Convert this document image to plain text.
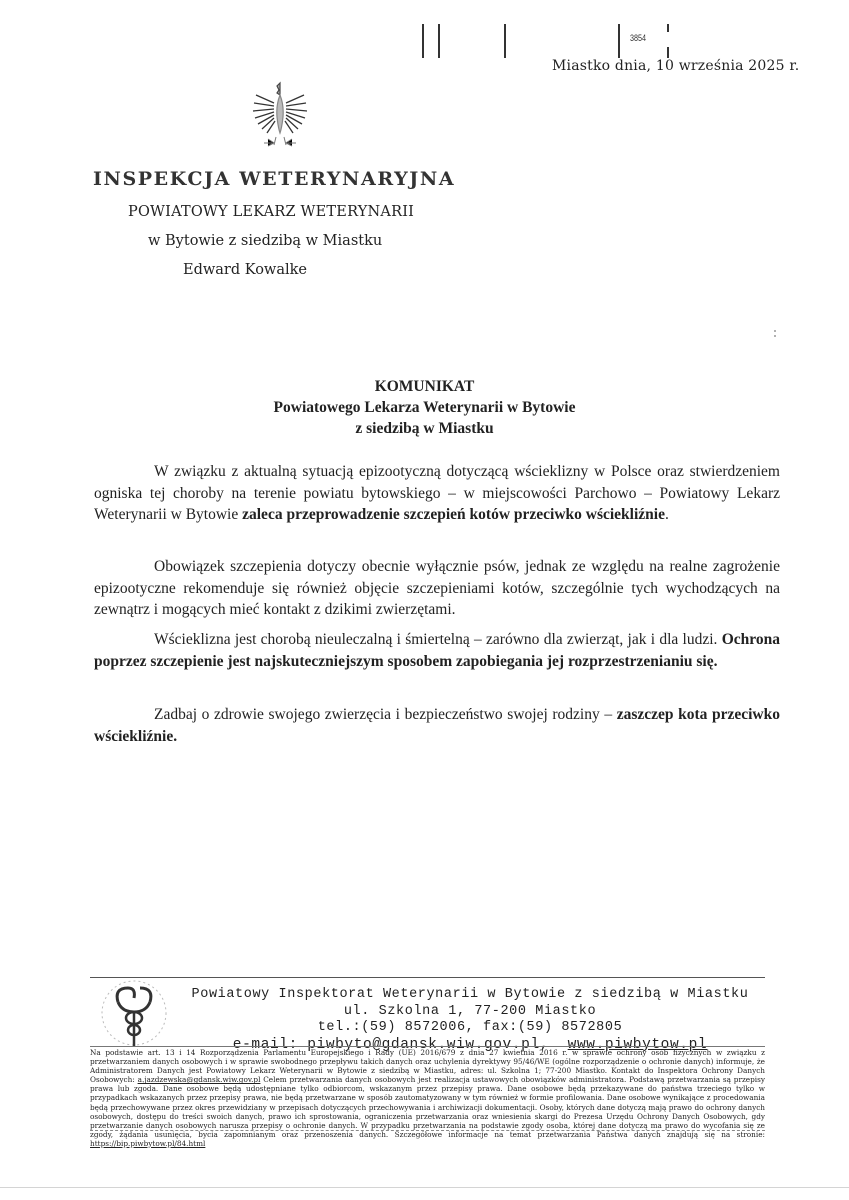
3854
Miastko dnia, 10 września 2025 r.
INSPEKCJA WETERYNARYJNA
POWIATOWY LEKARZ WETERYNARII
w Bytowie z siedzibą w Miastku
Edward Kowalke
KOMUNIKAT
Powiatowego Lekarza Weterynarii w Bytowie
z siedzibą w Miastku

W związku z aktualną sytuacją epizootyczną dotyczącą wścieklizny w Polsce oraz stwierdzeniem ogniska tej choroby na terenie powiatu bytowskiego – w miejscowości Parchowo – Powiatowy Lekarz Weterynarii w Bytowie zaleca przeprowadzenie szczepień kotów przeciwko wściekliźnie.

Obowiązek szczepienia dotyczy obecnie wyłącznie psów, jednak ze względu na realne zagrożenie epizootyczne rekomenduje się również objęcie szczepieniami kotów, szczególnie tych wychodzących na zewnątrz i mogących mieć kontakt z dzikimi zwierzętami.

Wścieklizna jest chorobą nieuleczalną i śmiertelną – zarówno dla zwierząt, jak i dla ludzi. Ochrona poprzez szczepienie jest najskuteczniejszym sposobem zapobiegania jej rozprzestrzenianiu się.

Zadbaj o zdrowie swojego zwierzęcia i bezpieczeństwo swojej rodziny – zaszczep kota przeciwko wściekliźnie.

Powiatowy Inspektorat Weterynarii w Bytowie z siedzibą w Miastku
ul. Szkolna 1, 77-200 Miastko
tel.:(59) 8572006, fax:(59) 8572805
e-mail: piwbyto@gdansk.wiw.gov.pl, www.piwbytow.pl
Na podstawie art. 13 i 14 Rozporządzenia Parlamentu Europejskiego i Rady (UE) 2016/679 z dnia 27 kwietnia 2016 r. w sprawie ochrony osób fizycznych w związku z przetwarzaniem danych osobowych i w sprawie swobodnego przepływu takich danych oraz uchylenia dyrektywy 95/46/WE (ogólne rozporządzenie o ochronie danych) informuje, że Administratorem Danych jest Powiatowy Lekarz Weterynarii w Bytowie z siedzibą w Miastku, adres: ul. Szkolna 1; 77-200 Miastko. Kontakt do Inspektora Ochrony Danych Osobowych: a.jazdzewska@gdansk.wiw.gov.pl Celem przetwarzania danych osobowych jest realizacja ustawowych obowiązków administratora. Podstawą przetwarzania są przepisy prawa lub zgoda. Dane osobowe będą udostępniane tylko odbiorcom, wskazanym przez przepisy prawa. Dane osobowe będą przekazywane do państwa trzeciego tylko w przypadkach wskazanych przez przepisy prawa, nie będą przetwarzane w sposób zautomatyzowany w tym również w formie profilowania. Dane osobowe wynikające z procedowania będą przechowywane przez okres przewidziany w przepisach dotyczących przechowywania i archiwizacji dokumentacji. Osoby, których dane dotyczą mają prawo do ochrony danych osobowych, dostępu do treści swoich danych, prawo ich sprostowania, ograniczenia przetwarzania oraz wniesienia skargi do Prezesa Urzędu Ochrony Danych Osobowych, gdy przetwarzanie danych osobowych narusza przepisy o ochronie danych. W przypadku przetwarzania na podstawie zgody osoba, której dane dotyczą ma prawo do wycofania się ze zgody, żądania usunięcia, bycia zapomnianym oraz przenoszenia danych. Szczegółowe informacje na temat przetwarzania Państwa danych znajdują się na stronie: https://bip.piwbytow.pl/84.html
